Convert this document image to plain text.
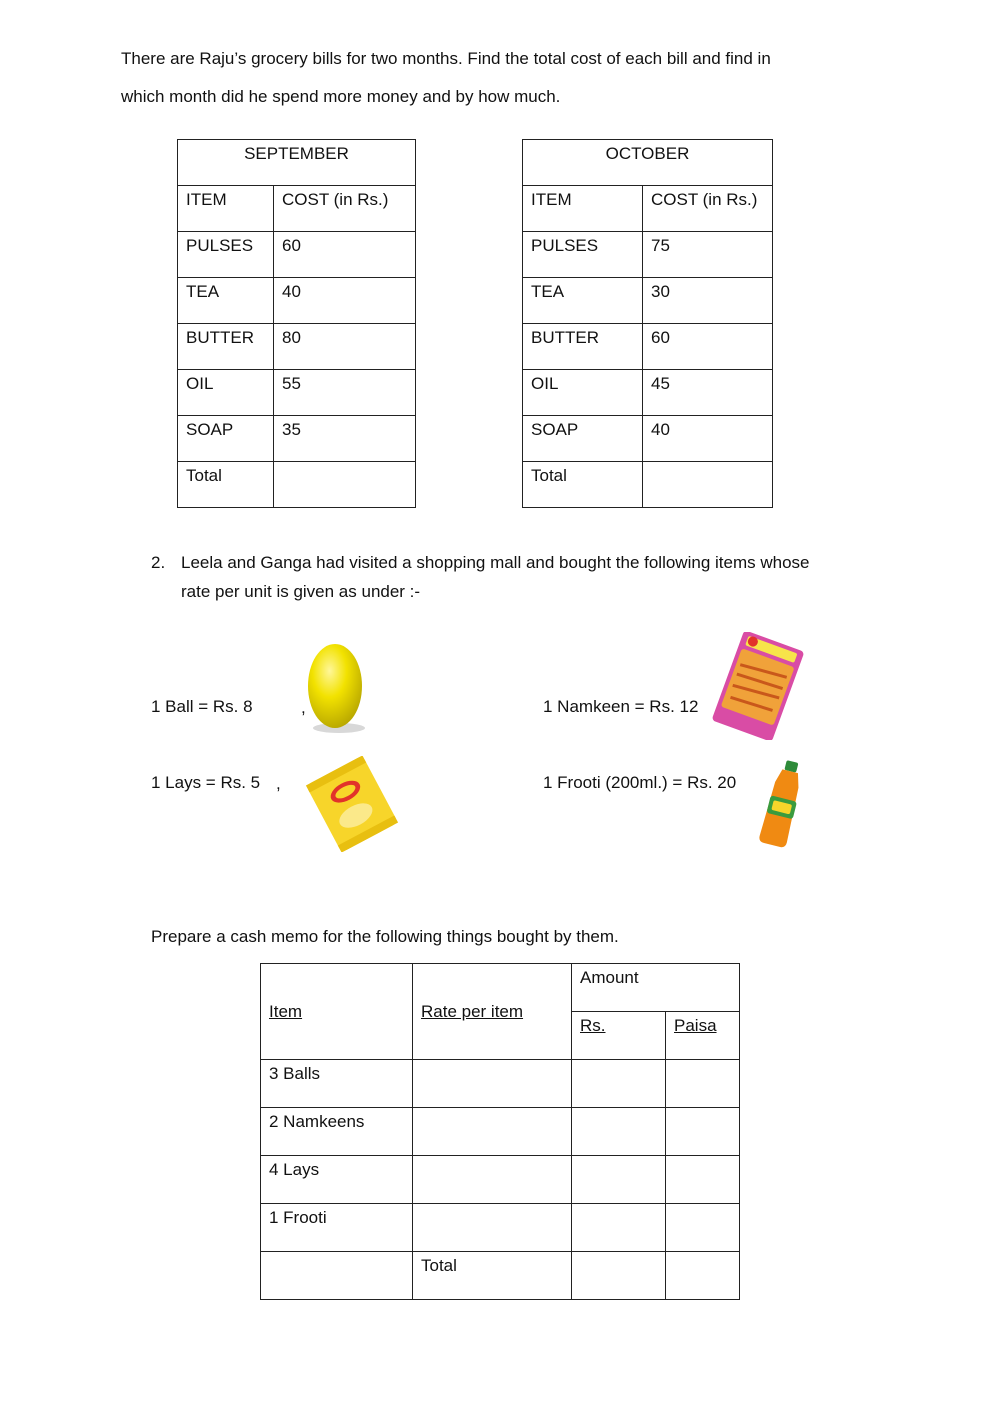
There are Raju’s grocery bills for two months. Find the total cost of each bill and find in
which month did he spend more money and by how much.
SEPTEMBER	
ITEM	COST (in Rs.)
PULSES	60
TEA	40
BUTTER	80
OIL	55
SOAP	35
Total	
OCTOBER	
ITEM	COST (in Rs.)
PULSES	75
TEA	30
BUTTER	60
OIL	45
SOAP	40
Total	
2. Leela and Ganga had visited a shopping mall and bought the following items whose
rate per unit is given as under :-
1 Ball = Rs. 8	,	1 Namkeen = Rs. 12
1 Lays = Rs. 5 ,	1 Frooti (200ml.) = Rs. 20
Prepare a cash memo for the following things bought by them.
Item	Rate per item	Amount	
		Rs.	Paisa
3 Balls			
2 Namkeens			
4 Lays			
1 Frooti			
	Total		
